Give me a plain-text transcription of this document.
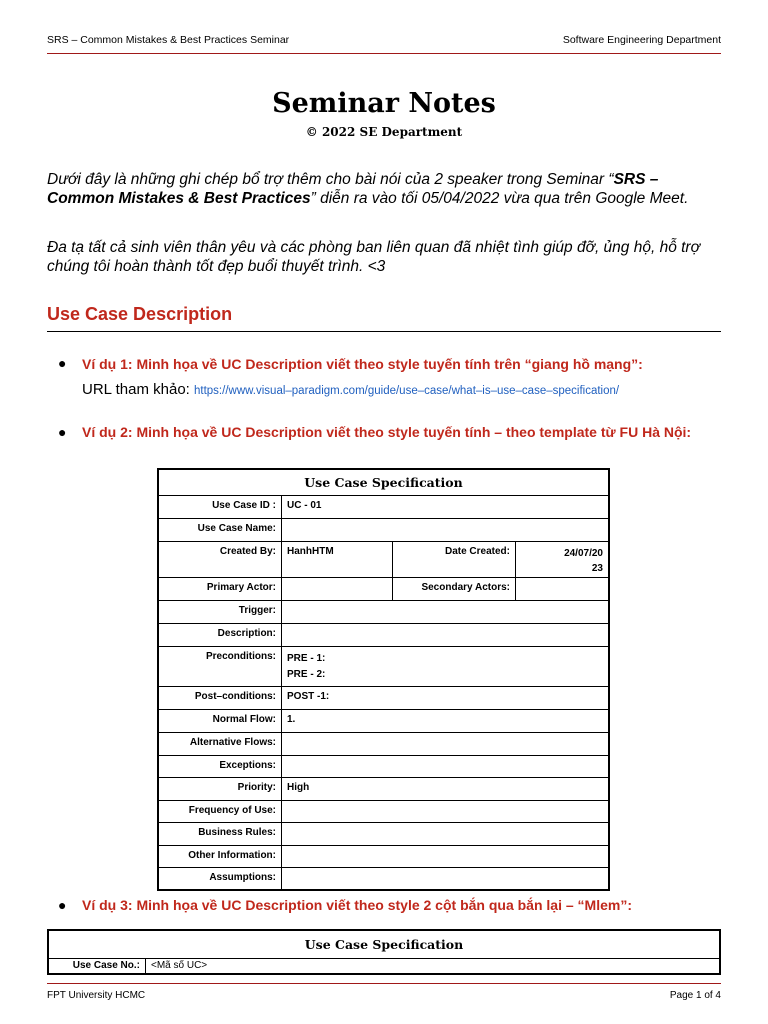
SRS – Common Mistakes & Best Practices Seminar	Software Engineering Department
Seminar Notes
© 2022 SE Department
Dưới đây là những ghi chép bổ trợ thêm cho bài nói của 2 speaker trong Seminar “SRS – Common Mistakes & Best Practices” diễn ra vào tối 05/04/2022 vừa qua trên Google Meet.
Đa tạ tất cả sinh viên thân yêu và các phòng ban liên quan đã nhiệt tình giúp đỡ, ủng hộ, hỗ trợ chúng tôi hoàn thành tốt đẹp buổi thuyết trình. <3
Use Case Description
● Ví dụ 1: Minh họa về UC Description viết theo style tuyến tính trên “giang hồ mạng”:
URL tham khảo: https://www.visual–paradigm.com/guide/use–case/what–is–use–case–specification/
● Ví dụ 2: Minh họa về UC Description viết theo style tuyến tính – theo template từ FU Hà Nội:
Use Case Specification			
Use Case ID :	UC - 01		
Use Case Name:			
Created By:	HanhHTM	Date Created:	24/07/20
23
Primary Actor:		Secondary Actors:	
Trigger:			
Description:			
Preconditions:	PRE - 1:
PRE - 2:		
Post–conditions:	POST -1:		
Normal Flow:	1.		
Alternative Flows:			
Exceptions:			
Priority:	High		
Frequency of Use:			
Business Rules:			
Other Information:			
Assumptions:			
● Ví dụ 3: Minh họa về UC Description viết theo style 2 cột bắn qua bắn lại – “Mlem”:
Use Case Specification
Use Case No.:	<Mã số UC>
FPT University HCMC	Page 1 of 4
